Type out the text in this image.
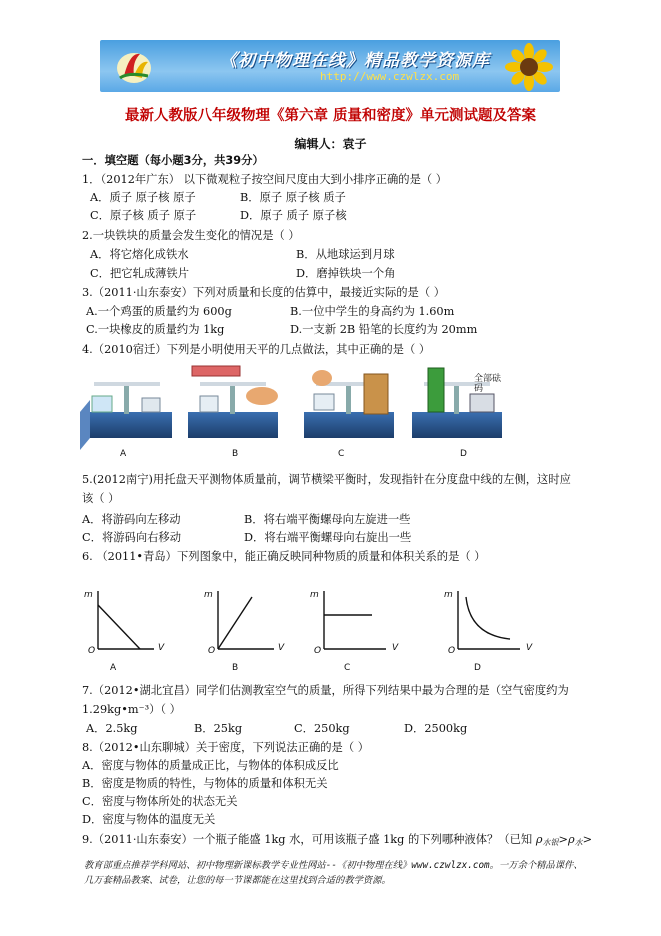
《初中物理在线》精品教学资源库
http://www.czwlzx.com
最新人教版八年级物理《第六章 质量和密度》单元测试题及答案
编辑人：袁子
一．填空题（每小题3分，共39分）
1．（2012年广东） 以下微观粒子按空间尺度由大到小排序正确的是（ ）
A．质子 原子核 原子	B．原子 原子核 质子
C．原子核 质子 原子	D．原子 质子 原子核
2.一块铁块的质量会发生变化的情况是（ ）
A．将它熔化成铁水	B．从地球运到月球
C．把它轧成薄铁片	D．磨掉铁块一个角
3.（2011·山东泰安）下列对质量和长度的估算中，最接近实际的是（ ）
A.一个鸡蛋的质量约为 600g	B.一位中学生的身高约为 1.60m
C.一块橡皮的质量约为 1kg	D.一支新 2B 铅笔的长度约为 20mm
4.（2010宿迁）下列是小明使用天平的几点做法，其中正确的是（ ）
全部砝码
A	B	C	D
5.(2012南宁)用托盘天平测物体质量前，调节横梁平衡时，发现指针在分度盘中线的左侧，这时应
该（ ）
A．将游码向左移动	B．将右端平衡螺母向左旋进一些
C．将游码向右移动	D．将右端平衡螺母向右旋出一些
6. （2011•青岛）下列图象中，能正确反映同种物质的质量和体积关系的是（ ）
m
V
O
A
m
V
O
B
m
V
O
C
m
V
O
D
7.（2012•湖北宜昌）同学们估测教室空气的质量，所得下列结果中最为合理的是（空气密度约为
1.29kg•m⁻³）（ ）
A．2.5kg	B．25kg	C．250kg	D．2500kg
8.（2012•山东聊城）关于密度，下列说法正确的是（ ）
A．密度与物体的质量成正比，与物体的体积成反比
B．密度是物质的特性，与物体的质量和体积无关
C．密度与物体所处的状态无关
D．密度与物体的温度无关
9.（2011·山东泰安）一个瓶子能盛 1kg 水，可用该瓶子盛 1kg 的下列哪种液体？（已知 $\rho_{水银}>\rho_水>$
教育部重点推荐学科网站、初中物理新课标教学专业性网站--《初中物理在线》www.czwlzx.com。一万余个精品课件、
几万套精品教案、试卷，让您的每一节课都能在这里找到合适的教学资源。
